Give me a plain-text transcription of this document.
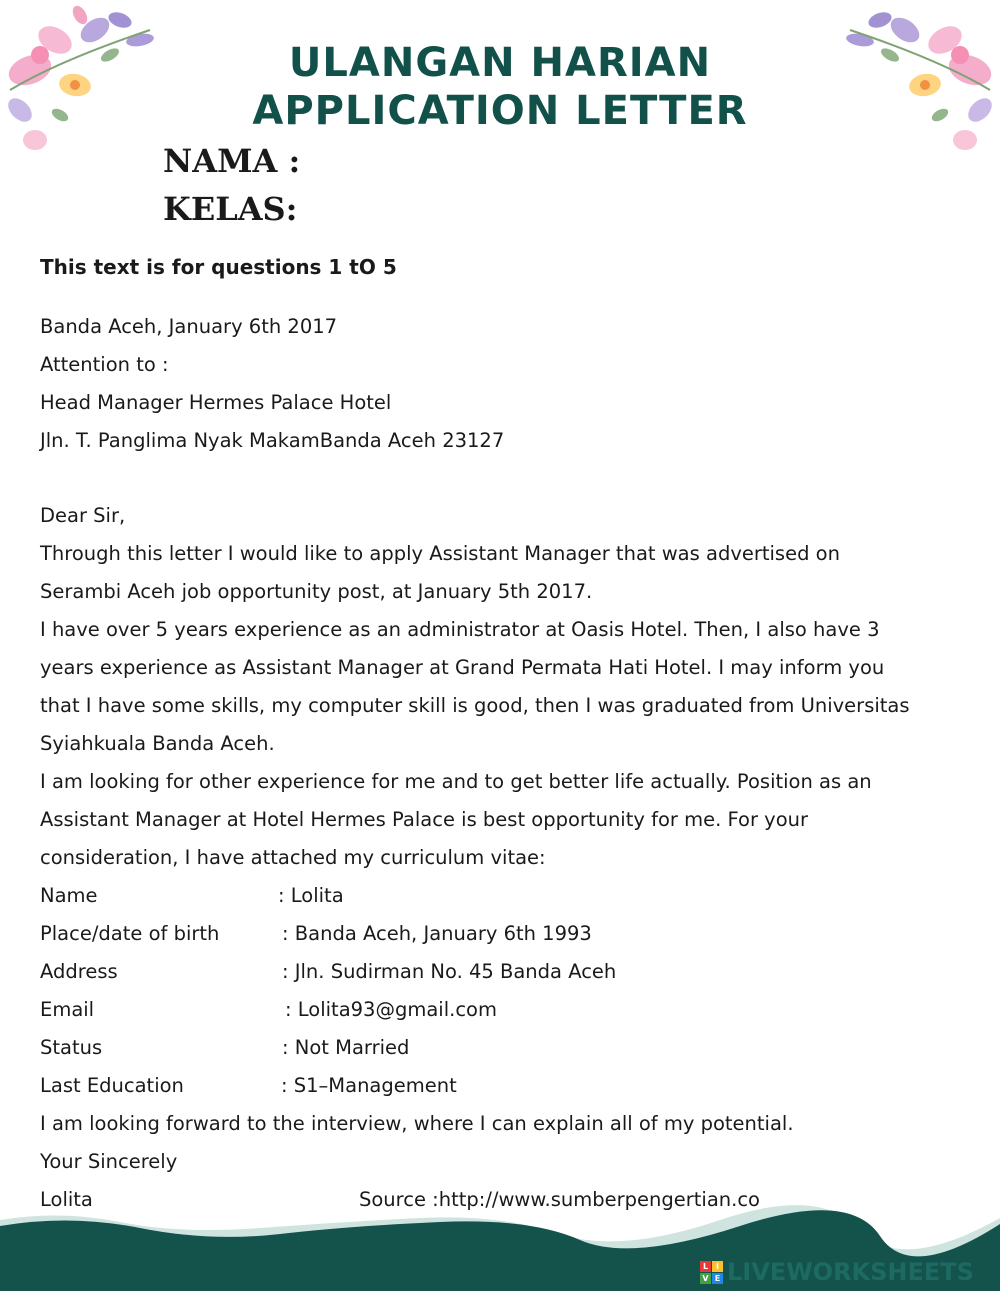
ULANGAN HARIAN
APPLICATION LETTER
NAMA :
KELAS:
This text is for questions 1 tO 5
Banda Aceh, January 6th 2017
Attention to :
Head Manager Hermes Palace Hotel
Jln. T. Panglima Nyak MakamBanda Aceh 23127
Dear Sir,
Through this letter I would like to apply Assistant Manager that was advertised on
Serambi Aceh job opportunity post, at January 5th 2017.
I have over 5 years experience as an administrator at Oasis Hotel. Then, I also have 3
years experience as Assistant Manager at Grand Permata Hati Hotel. I may inform you
that I have some skills, my computer skill is good, then I was graduated from Universitas
Syiahkuala Banda Aceh.
I am looking for other experience for me and to get better life actually. Position as an
Assistant Manager at Hotel Hermes Palace is best opportunity for me. For your
consideration, I have attached my curriculum vitae:
Name	: Lolita
Place/date of birth	: Banda Aceh, January 6th 1993
Address	: Jln. Sudirman No. 45 Banda Aceh
Email	: Lolita93@gmail.com
Status	: Not Married
Last Education	: S1–Management
I am looking forward to the interview, where I can explain all of my potential.
Your Sincerely
Lolita	Source :http://www.sumberpengertian.co
L I
V E LIVEWORKSHEETS
